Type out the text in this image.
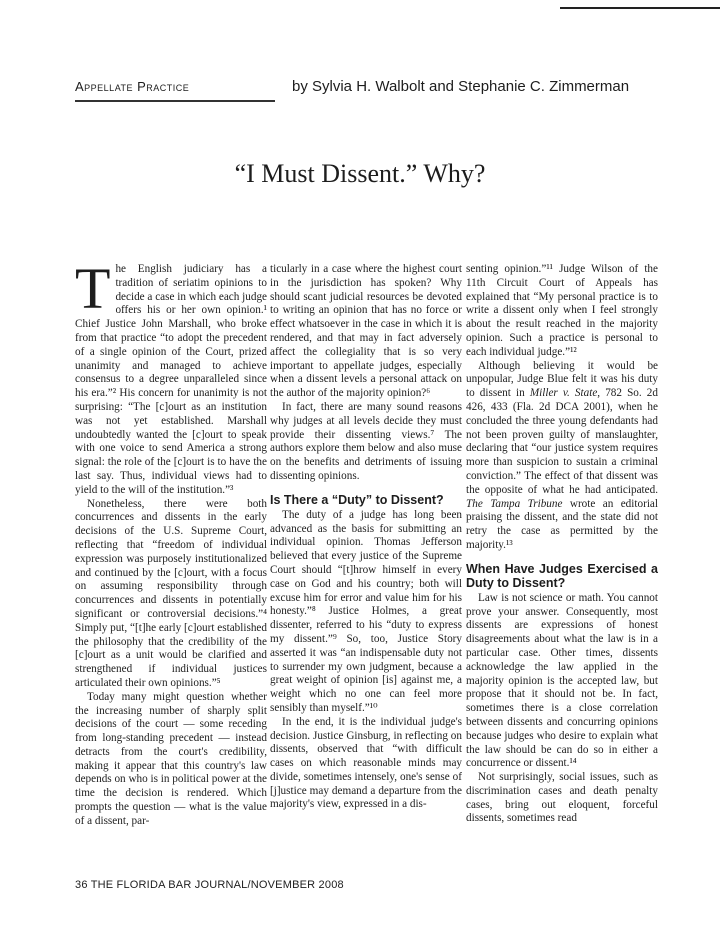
Appellate Practice	by Sylvia H. Walbolt and Stephanie C. Zimmerman
“I Must Dissent.” Why?

The English judiciary has a tradition of seriatim opinions to decide a case in which each judge offers his or her own opinion.¹ Chief Justice John Marshall, who broke from that practice “to adopt the precedent of a single opinion of the Court, prized unanimity and managed to achieve consensus to a degree unparalleled since his era.”² His concern for unanimity is not surprising: “The [c]ourt as an institution was not yet established. Marshall undoubtedly wanted the [c]ourt to speak with one voice to send America a strong signal: the role of the [c]ourt is to have the last say. Thus, individual views had to yield to the will of the institution.”³

Nonetheless, there were both concurrences and dissents in the early decisions of the U.S. Supreme Court, reflecting that “freedom of individual expression was purposely institutionalized and continued by the [c]ourt, with a focus on assuming responsibility through concurrences and dissents in potentially significant or controversial decisions.”⁴ Simply put, “[t]he early [c]ourt established the philosophy that the credibility of the [c]ourt as a unit would be clarified and strengthened if individual justices articulated their own opinions.”⁵

Today many might question whether the increasing number of sharply split decisions of the court — some receding from long-standing precedent — instead detracts from the court's credibility, making it appear that this country's law depends on who is in political power at the time the decision is rendered. Which prompts the question — what is the value of a dissent, par-

ticularly in a case where the highest court in the jurisdiction has spoken? Why should scant judicial resources be devoted to writing an opinion that has no force or effect whatsoever in the case in which it is rendered, and that may in fact adversely affect the collegiality that is so very important to appellate judges, especially when a dissent levels a personal attack on the author of the majority opinion?⁶

In fact, there are many sound reasons why judges at all levels decide they must provide their dissenting views.⁷ The authors explore them below and also muse on the benefits and detriments of issuing dissenting opinions.

Is There a “Duty” to Dissent?

The duty of a judge has long been advanced as the basis for submitting an individual opinion. Thomas Jefferson believed that every justice of the Supreme Court should “[t]hrow himself in every case on God and his country; both will excuse him for error and value him for his honesty.”⁸ Justice Holmes, a great dissenter, referred to his “duty to express my dissent.”⁹ So, too, Justice Story asserted it was “an indispensable duty not to surrender my own judgment, because a great weight of opinion [is] against me, a weight which no one can feel more sensibly than myself.”¹⁰

In the end, it is the individual judge's decision. Justice Ginsburg, in reflecting on dissents, observed that “with difficult cases on which reasonable minds may divide, sometimes intensely, one's sense of [j]ustice may demand a departure from the majority's view, expressed in a dis-

senting opinion.”¹¹ Judge Wilson of the 11th Circuit Court of Appeals has explained that “My personal practice is to write a dissent only when I feel strongly about the result reached in the majority opinion. Such a practice is personal to each individual judge.”¹²

Although believing it would be unpopular, Judge Blue felt it was his duty to dissent in Miller v. State, 782 So. 2d 426, 433 (Fla. 2d DCA 2001), when he concluded the three young defendants had not been proven guilty of manslaughter, declaring that “our justice system requires more than suspicion to sustain a criminal conviction.” The effect of that dissent was the opposite of what he had anticipated. The Tampa Tribune wrote an editorial praising the dissent, and the state did not retry the case as permitted by the majority.¹³

When Have Judges Exercised a Duty to Dissent?

Law is not science or math. You cannot prove your answer. Consequently, most dissents are expressions of honest disagreements about what the law is in a particular case. Other times, dissents acknowledge the law applied in the majority opinion is the accepted law, but propose that it should not be. In fact, sometimes there is a close correlation between dissents and concurring opinions because judges who desire to explain what the law should be can do so in either a concurrence or dissent.¹⁴

Not surprisingly, social issues, such as discrimination cases and death penalty cases, bring out eloquent, forceful dissents, sometimes read

36 THE FLORIDA BAR JOURNAL/NOVEMBER 2008
